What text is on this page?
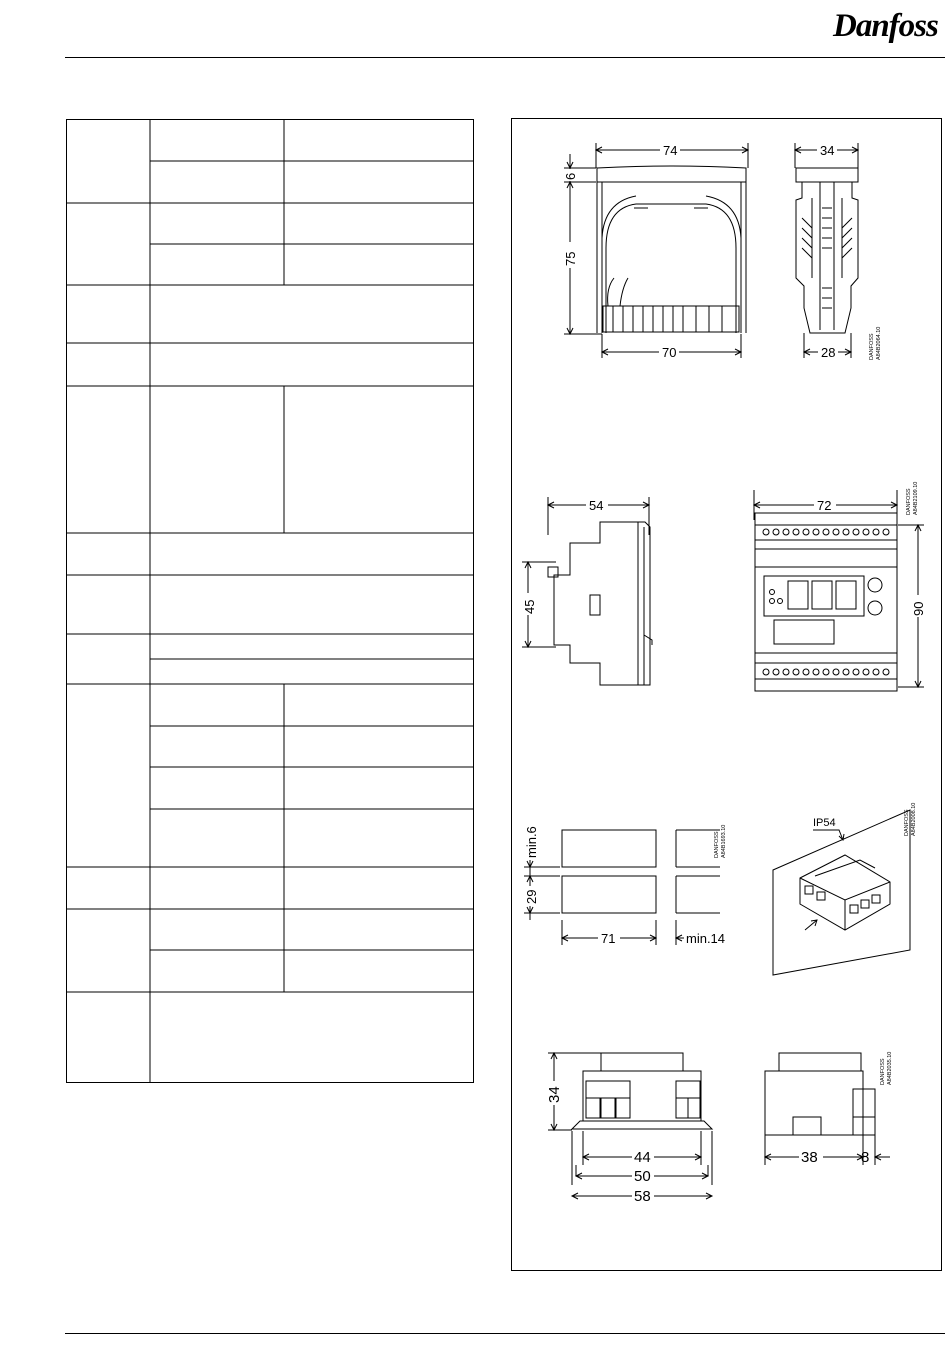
Danfoss
74
6
75
70
34
28	DANFOSS A84B2064.10
54
45
72
90
DANFOSS A84B2109.10
min.6
29
71	min.14
DANFOSS A84B1693.10
IP54	DANFOSS A84B2008.10
34
44
50
58
38	8
DANFOSS A84B2035.10
